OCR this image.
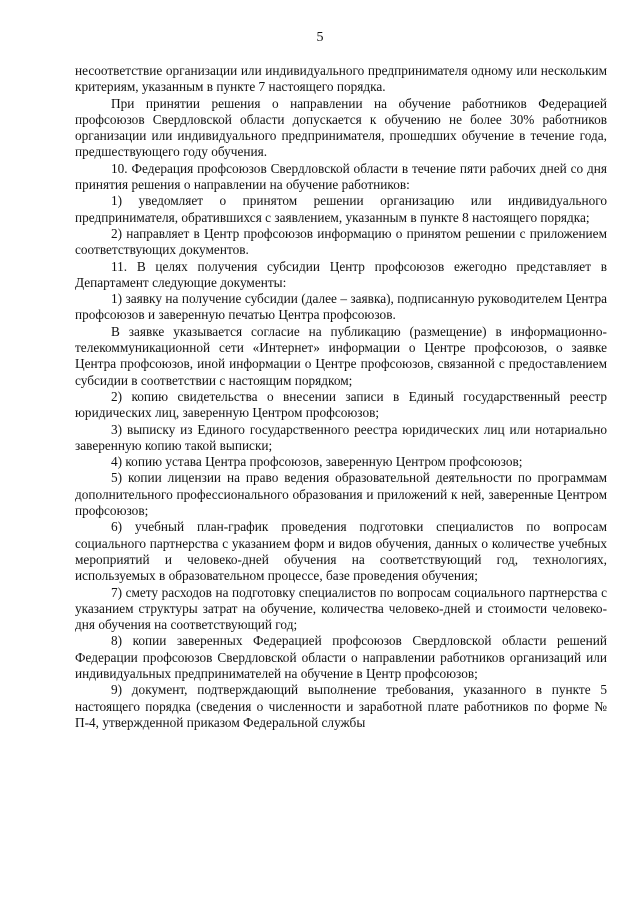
5

несоответствие организации или индивидуального предпринимателя одному или нескольким критериям, указанным в пункте 7 настоящего порядка.

При принятии решения о направлении на обучение работников Федерацией профсоюзов Свердловской области допускается к обучению не более 30% работников организации или индивидуального предпринимателя, прошедших обучение в течение года, предшествующего году обучения.

10. Федерация профсоюзов Свердловской области в течение пяти рабочих дней со дня принятия решения о направлении на обучение работников:

1) уведомляет о принятом решении организацию или индивидуального предпринимателя, обратившихся с заявлением, указанным в пункте 8 настоящего порядка;

2) направляет в Центр профсоюзов информацию о принятом решении с приложением соответствующих документов.

11. В целях получения субсидии Центр профсоюзов ежегодно представляет в Департамент следующие документы:

1) заявку на получение субсидии (далее – заявка), подписанную руководителем Центра профсоюзов и заверенную печатью Центра профсоюзов.

В заявке указывается согласие на публикацию (размещение) в информационно-телекоммуникационной сети «Интернет» информации о Центре профсоюзов, о заявке Центра профсоюзов, иной информации о Центре профсоюзов, связанной с предоставлением субсидии в соответствии с настоящим порядком;

2) копию свидетельства о внесении записи в Единый государственный реестр юридических лиц, заверенную Центром профсоюзов;

3) выписку из Единого государственного реестра юридических лиц или нотариально заверенную копию такой выписки;

4) копию устава Центра профсоюзов, заверенную Центром профсоюзов;

5) копии лицензии на право ведения образовательной деятельности по программам дополнительного профессионального образования и приложений к ней, заверенные Центром профсоюзов;

6) учебный план-график проведения подготовки специалистов по вопросам социального партнерства с указанием форм и видов обучения, данных о количестве учебных мероприятий и человеко-дней обучения на соответствующий год, технологиях, используемых в образовательном процессе, базе проведения обучения;

7) смету расходов на подготовку специалистов по вопросам социального партнерства с указанием структуры затрат на обучение, количества человеко-дней и стоимости человеко-дня обучения на соответствующий год;

8) копии заверенных Федерацией профсоюзов Свердловской области решений Федерации профсоюзов Свердловской области о направлении работников организаций или индивидуальных предпринимателей на обучение в Центр профсоюзов;

9) документ, подтверждающий выполнение требования, указанного в пункте 5 настоящего порядка (сведения о численности и заработной плате работников по форме № П-4, утвержденной приказом Федеральной службы
